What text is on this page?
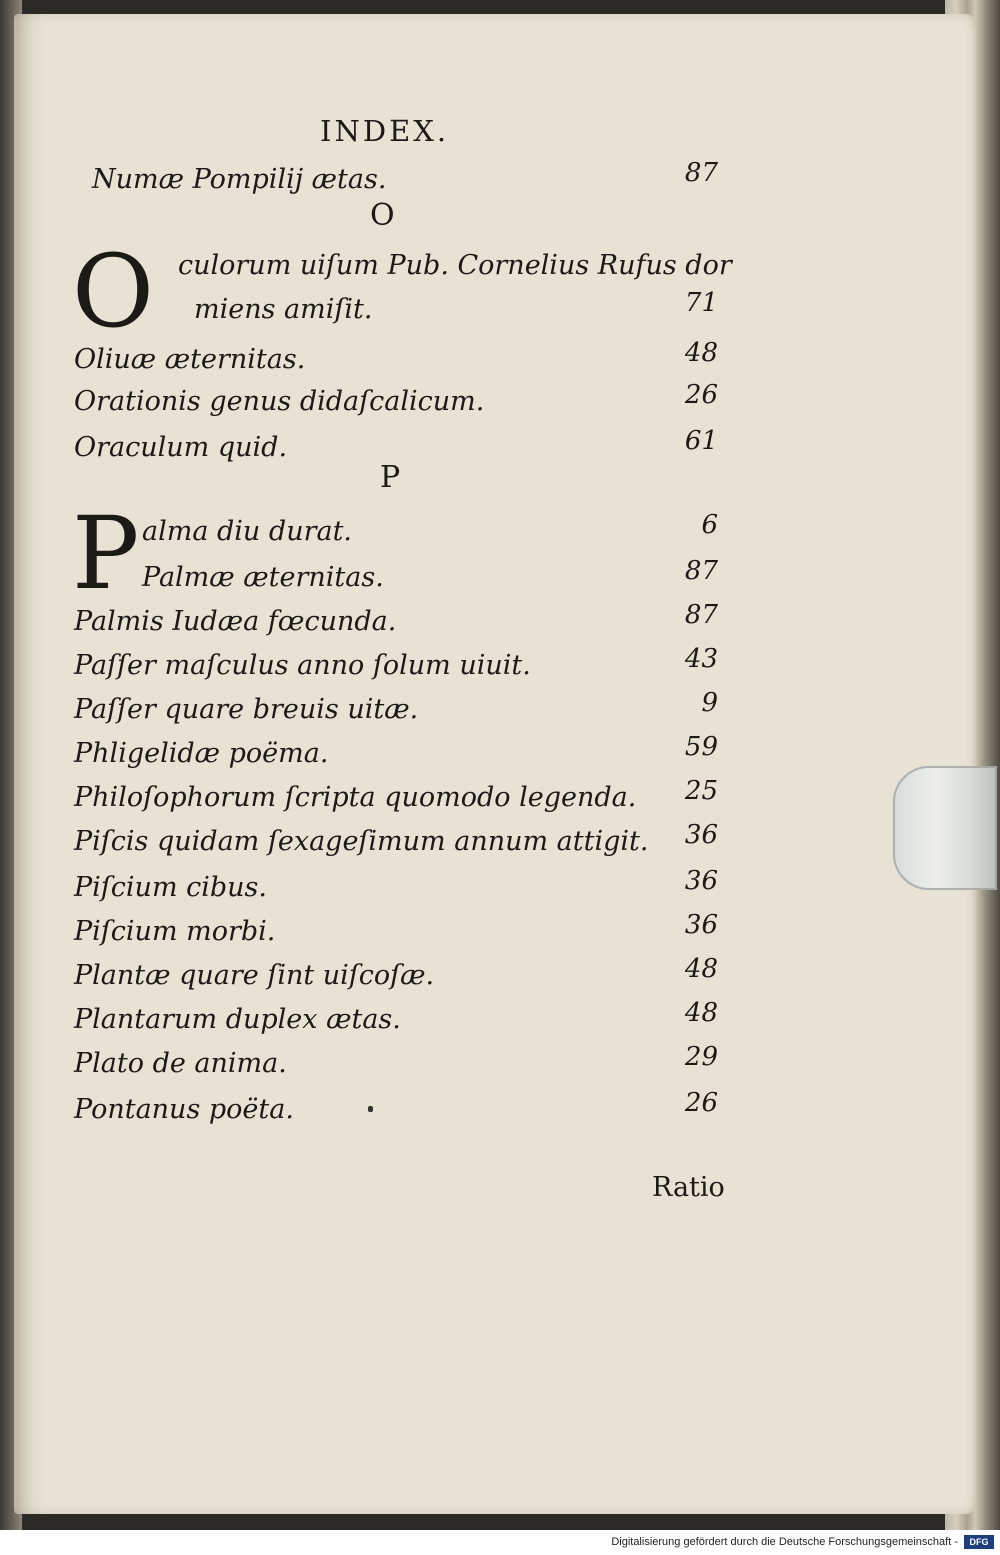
INDEX.
Numæ Pompilij ætas.	87
O
O culorum uiſum Pub. Cornelius Rufus dor
miens amiſit.	71
Oliuæ æternitas.	48
Orationis genus didaſcalicum.	26
Oraculum quid.	61
P
P alma diu durat.	6
Palmæ æternitas.	87
Palmis Iudæa fœcunda.	87
Paſſer maſculus anno ſolum uiuit.	43
Paſſer quare breuis uitæ.	9
Phligelidæ poëma.	59
Philoſophorum ſcripta quomodo legenda. 25
Piſcis quidam ſexageſimum annum attigit. 36
Piſcium cibus.	36
Piſcium morbi.	36
Plantæ quare ſint uiſcoſæ.	48
Plantarum duplex ætas.	48
Plato de anima.	29
Pontanus poëta.	26
Ratio
Digitalisierung gefördert durch die Deutsche Forschungsgemeinschaft -	DFG
